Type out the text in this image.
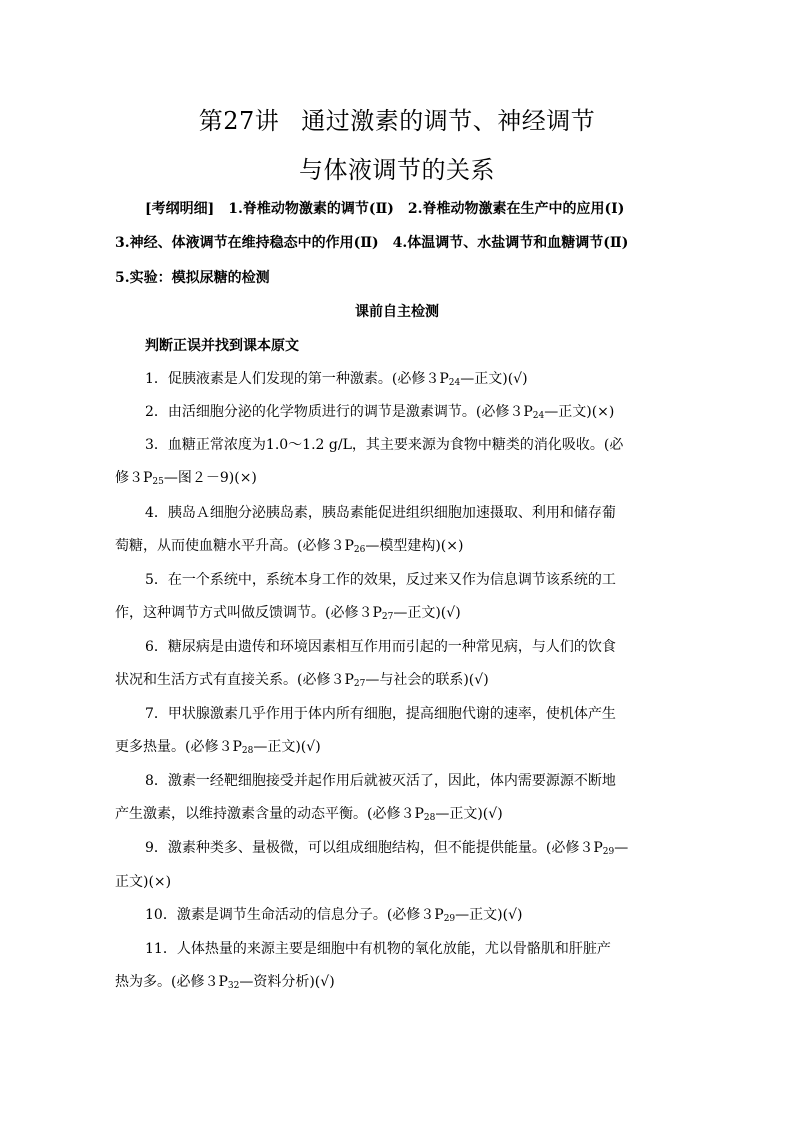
第27讲 通过激素的调节、神经调节
与体液调节的关系
[考纲明细]　1.脊椎动物激素的调节(Ⅱ)　2.脊椎动物激素在生产中的应用(Ⅰ)
3.神经、体液调节在维持稳态中的作用(Ⅱ)　4.体温调节、水盐调节和血糖调节(Ⅱ)
5.实验：模拟尿糖的检测
课前自主检测
判断正误并找到课本原文
1．促胰液素是人们发现的第一种激素。(必修$3P_{24}—$正文)(√)
2．由活细胞分泌的化学物质进行的调节是激素调节。(必修$3P_{24}—$正文)(×)
3．血糖正常浓度为1.0～1.2 g/L，其主要来源为食物中糖类的消化吸收。(必
修$3P_{25}—$图２－9)(×)
4．胰岛Ａ细胞分泌胰岛素，胰岛素能促进组织细胞加速摄取、利用和储存葡
萄糖，从而使血糖水平升高。(必修$3P_{26}—$模型建构)(×)
5．在一个系统中，系统本身工作的效果，反过来又作为信息调节该系统的工
作，这种调节方式叫做反馈调节。(必修$3P_{27}—$正文)(√)
6．糖尿病是由遗传和环境因素相互作用而引起的一种常见病，与人们的饮食
状况和生活方式有直接关系。(必修$3P_{27}—$与社会的联系)(√)
7．甲状腺激素几乎作用于体内所有细胞，提高细胞代谢的速率，使机体产生
更多热量。(必修$3P_{28}—$正文)(√)
8．激素一经靶细胞接受并起作用后就被灭活了，因此，体内需要源源不断地
产生激素，以维持激素含量的动态平衡。(必修$3P_{28}—$正文)(√)
9．激素种类多、量极微，可以组成细胞结构，但不能提供能量。(必修$3P_{29}—$
正文)(×)
10．激素是调节生命活动的信息分子。(必修$3P_{29}—$正文)(√)
11．人体热量的来源主要是细胞中有机物的氧化放能，尤以骨骼肌和肝脏产
热为多。(必修$3P_{32}—$资料分析)(√)
